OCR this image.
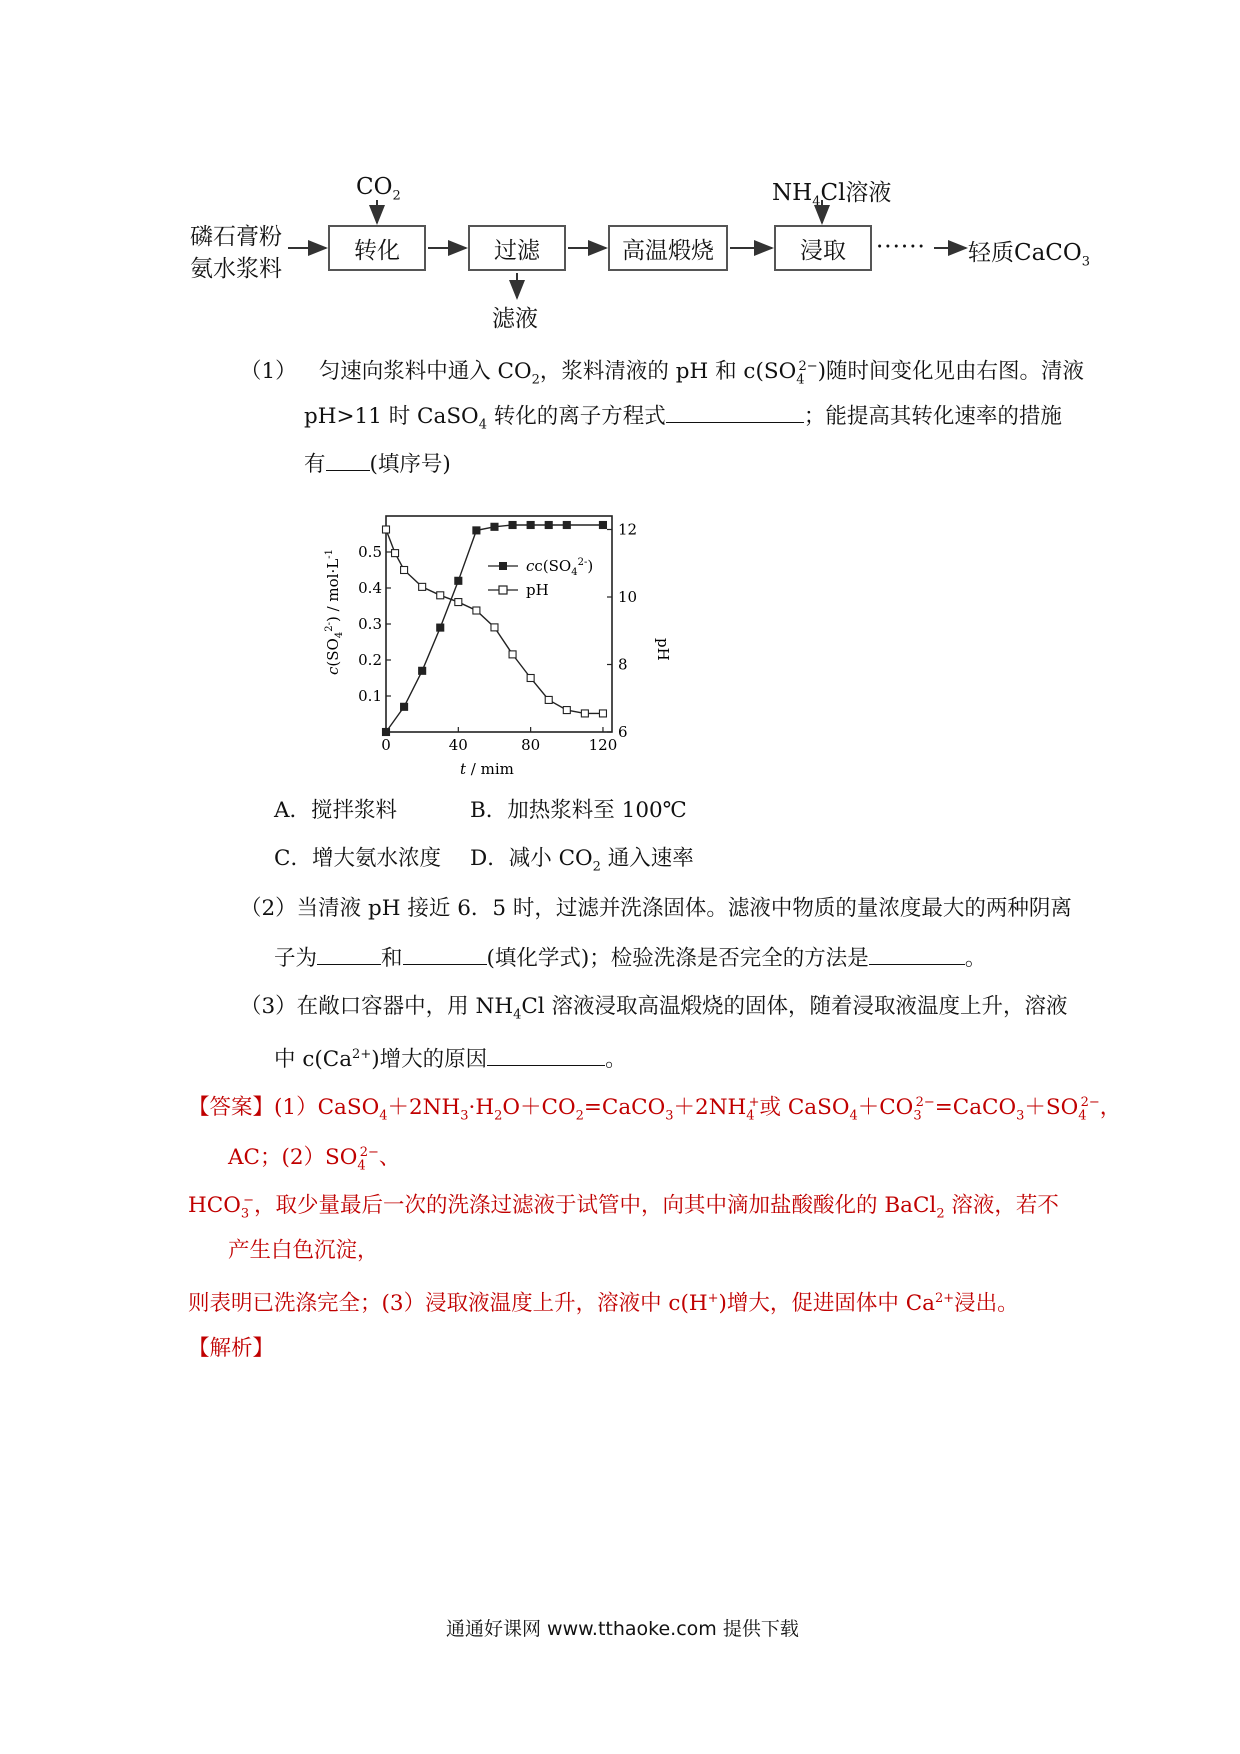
磷石膏粉
氨水浆料
$CO_2$	$NH_4Cl$溶液
转化	过滤	高温煅烧	浸取
滤液
······ 轻质CaCO$_3$
（1） 匀速向浆料中通入 $CO_2$，浆料清液的 pH 和 $c(SO_4^{2-})$随时间变化见由右图。清液
pH>11 时 CaSO$_4$ 转化的离子方程式	；能提高其转化速率的措施
有 (填序号)
0	40	80	120
0.1
0.2
0.3
0.4
0.5
6
8
10
12
$cc(SO_4^{2-})$
pH
$c(SO_4^{2-}) / mol\cdot L^{-1}$
pH
t / mim
A．搅拌浆料	B．加热浆料至 100℃
C．增大氨水浓度 D．减小 $CO_2$ 通入速率
（2）当清液 pH 接近 6．5 时，过滤并洗涤固体。滤液中物质的量浓度最大的两种阴离
子为	和	(填化学式)；检验洗涤是否完全的方法是	。
（3）在敞口容器中，用 $NH_4Cl$ 溶液浸取高温煅烧的固体，随着浸取液温度上升，溶液
中 $c(Ca^{2+})$增大的原因	。
【答案】$(1)CaSO_4+2NH_3\cdot H_2O+CO_2=CaCO_3+2NH_4^+$或 $CaSO_4+CO_3^{2-}=CaCO_3+SO_4^{2-}$，
AC；$(2)SO_4^{2-}$、
$HCO_3^-$，取少量最后一次的洗涤过滤液于试管中，向其中滴加盐酸酸化的 BaCl$_2$ 溶液，若不
产生白色沉淀，
则表明已洗涤完全；(3）浸取液温度上升，溶液中 c(H+)增大，促进固体中 $Ca^{2+}$浸出。
【解析】
通通好课网 www.tthaoke.com 提供下载
